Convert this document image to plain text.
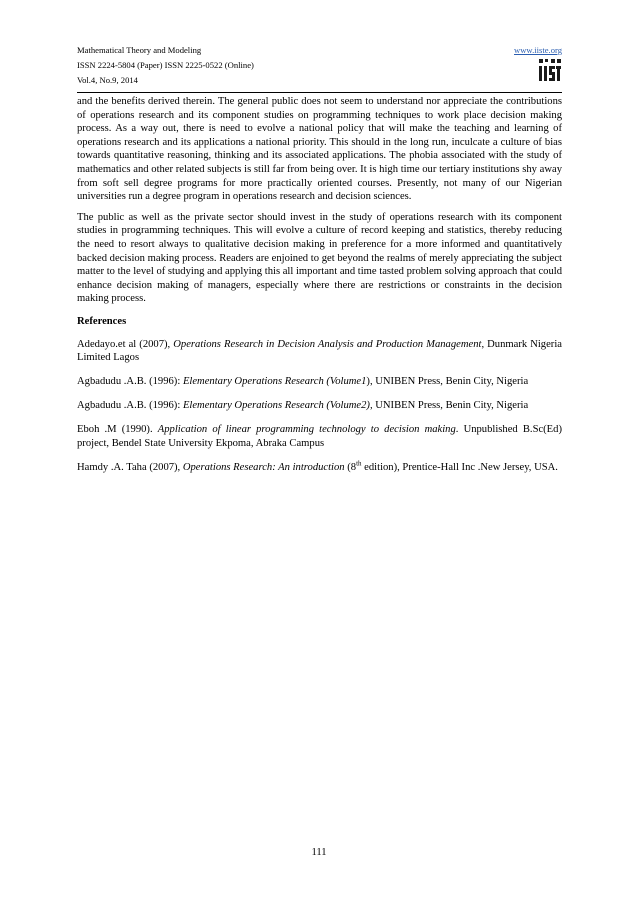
Mathematical Theory and Modeling
ISSN 2224-5804 (Paper) ISSN 2225-0522 (Online)
Vol.4, No.9, 2014
www.iiste.org

and the benefits derived therein. The general public does not seem to understand nor appreciate the contributions of operations research and its component studies on programming techniques to work place decision making process. As a way out, there is need to evolve a national policy that will make the teaching and learning of operations research and its applications a national priority. This should in the long run, inculcate a culture of bias towards quantitative reasoning, thinking and its associated applications. The phobia associated with the study of mathematics and other related subjects is still far from being over. It is high time our tertiary institutions shy away from soft sell degree programs for more practically oriented courses. Presently, not many of our Nigerian universities run a degree program in operations research and decision sciences.

The public as well as the private sector should invest in the study of operations research with its component studies in programming techniques. This will evolve a culture of record keeping and statistics, thereby reducing the need to resort always to qualitative decision making in preference for a more informed and quantitatively backed decision making process. Readers are enjoined to get beyond the realms of merely appreciating the subject matter to the level of studying and applying this all important and time tasted problem solving approach that could enhance decision making of managers, especially where there are restrictions or constraints in the decision making process.

References

Adedayo.et al (2007), Operations Research in Decision Analysis and Production Management, Dunmark Nigeria Limited Lagos

Agbadudu .A.B. (1996): Elementary Operations Research (Volume1), UNIBEN Press, Benin City, Nigeria

Agbadudu .A.B. (1996): Elementary Operations Research (Volume2), UNIBEN Press, Benin City, Nigeria

Eboh .M (1990). Application of linear programming technology to decision making. Unpublished B.Sc(Ed) project, Bendel State University Ekpoma, Abraka Campus

Hamdy .A. Taha (2007), Operations Research: An introduction (8th edition), Prentice-Hall Inc .New Jersey, USA.

111
